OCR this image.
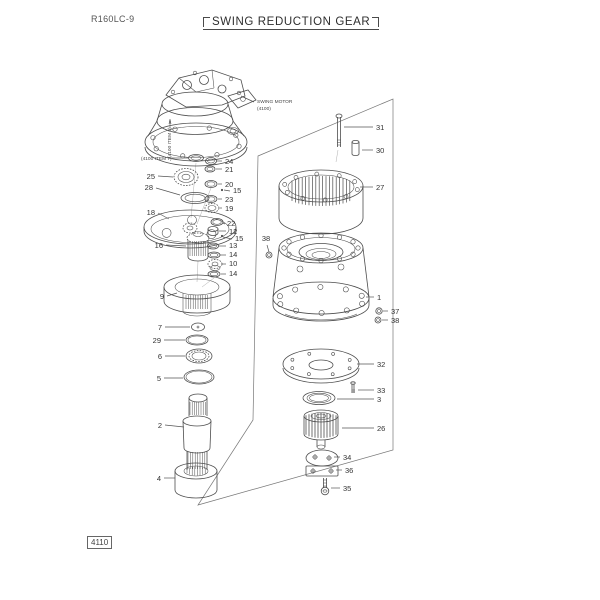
R160LC-9	SWING REDUCTION GEAR
SWING MOTOR
(4100)
(4100 ITEM 7)
(4100 ITEM 6)
24
21
20
15
23
19
22
12
15
13
14
10
14
25
28
18
16
9
7
29
6
5
2
4
31
30
27
38
1
37
38
32
33
3
26
34
36
35
4110
